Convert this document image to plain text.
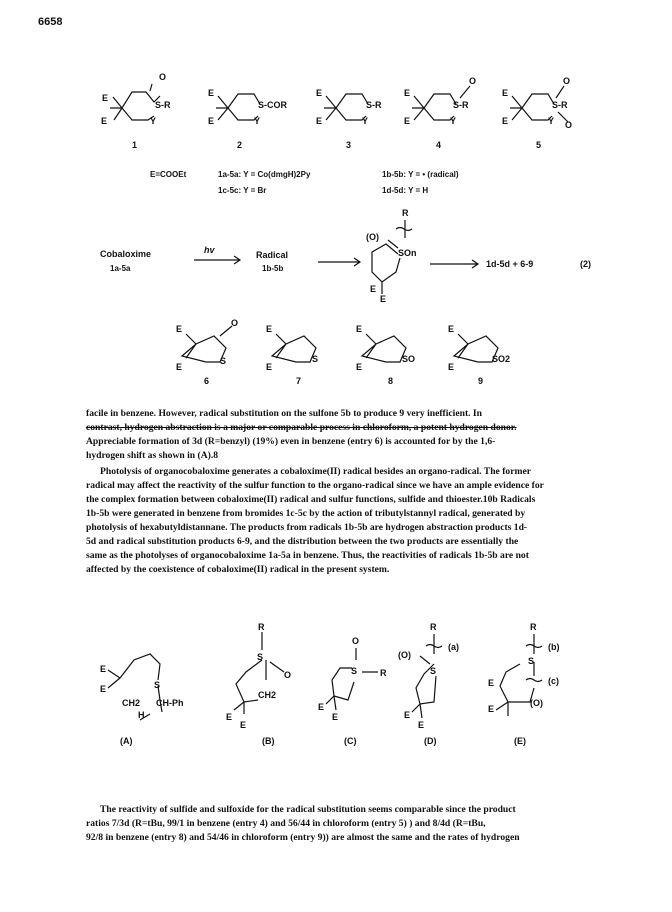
6658
E
E
O
S-R
Y
1
E
E
S-COR
Y
2
E
E
S-R
Y
3
E
E
O
S-R
Y
4
E
E
O
S-R
Y O
5
E=COOEt	1a-5a: Y = Co(dmgH)2Py
1c-5c: Y = Br
1b-5b: Y = • (radical)
1d-5d: Y = H
Cobaloxime
1a-5a
hv	Radical
1b-5b
R
(O)
SOn
E
E
1d-5d + 6-9	(2)
E
E
O
S
6
E
E
S
7
E
E
SO
8
E
E
SO2
9
facile in benzene. However, radical substitution on the sulfone 5b to produce 9 very inefficient. In
contrast, hydrogen abstraction is a major or comparable process in chloroform, a potent hydrogen donor.
Appreciable formation of 3d (R=benzyl) (19%) even in benzene (entry 6) is accounted for by the 1,6-
hydrogen shift as shown in (A).8
Photolysis of organocobaloxime generates a cobaloxime(II) radical besides an organo-radical. The former
radical may affect the reactivity of the sulfur function to the organo-radical since we have an ample evidence for
the complex formation between cobaloxime(II) radical and sulfur functions, sulfide and thioester.10b Radicals
1b-5b were generated in benzene from bromides 1c-5c by the action of tributylstannyl radical, generated by
photolysis of hexabutyldistannane. The products from radicals 1b-5b are hydrogen abstraction products 1d-
5d and radical substitution products 6-9, and the distribution between the two products are essentially the
same as the photolyses of organocobaloxime 1a-5a in benzene. Thus, the reactivities of radicals 1b-5b are not
affected by the coexistence of cobaloxime(II) radical in the present system.
E
E	S
CH2 CH-Ph
H
(A)
R
S
O
CH2
E
E
(B)
O
S	R
E
E
(C)
R
(O)
(a)
S
E
E
(D)
R
(b)
S
(c)
(O)
E
E
(E)
The reactivity of sulfide and sulfoxide for the radical substitution seems comparable since the product
ratios 7/3d (R=tBu, 99/1 in benzene (entry 4) and 56/44 in chloroform (entry 5) ) and 8/4d (R=tBu,
92/8 in benzene (entry 8) and 54/46 in chloroform (entry 9)) are almost the same and the rates of hydrogen
